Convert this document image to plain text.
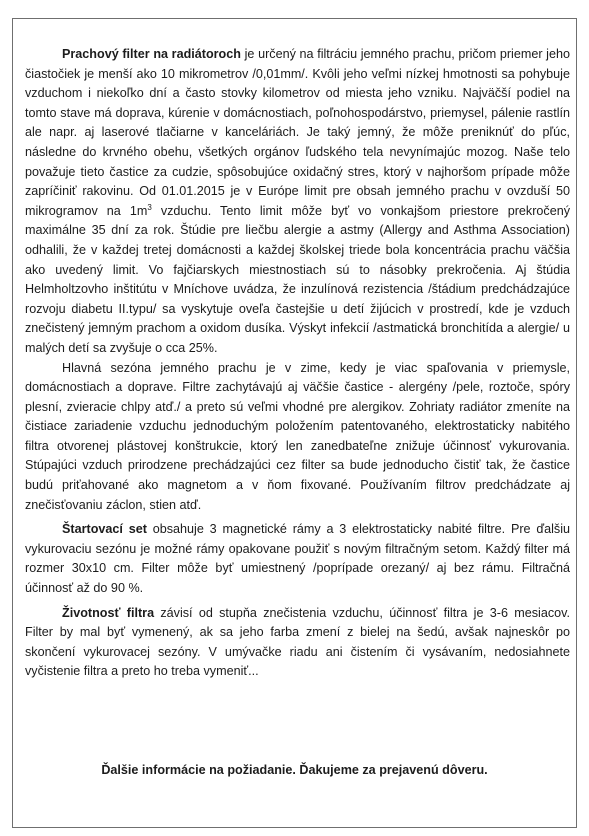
Prachový filter na radiátoroch je určený na filtráciu jemného prachu, pričom priemer jeho čiastočiek je menší ako 10 mikrometrov /0,01mm/. Kvôli jeho veľmi nízkej hmotnosti sa pohybuje vzduchom i niekoľko dní a často stovky kilometrov od miesta jeho vzniku. Najväčší podiel na tomto stave má doprava, kúrenie v domácnostiach, poľnohospodárstvo, priemysel, pálenie rastlín ale napr. aj laserové tlačiarne v kanceláriách. Je taký jemný, že môže preniknúť do pľúc, následne do krvného obehu, všetkých orgánov ľudského tela nevynímajúc mozog. Naše telo považuje tieto častice za cudzie, spôsobujúce oxidačný stres, ktorý v najhoršom prípade môže zapríčiniť rakovinu. Od 01.01.2015 je v Európe limit pre obsah jemného prachu v ovzduší 50 mikrogramov na $1m^3$ vzduchu. Tento limit môže byť vo vonkajšom priestore prekročený maximálne 35 dní za rok. Štúdie pre liečbu alergie a astmy (Allergy and Asthma Association) odhalili, že v každej tretej domácnosti a každej školskej triede bola koncentrácia prachu väčšia ako uvedený limit. Vo fajčiarskych miestnostiach sú to násobky prekročenia. Aj štúdia Helmholtzovho inštitútu v Mníchove uvádza, že inzulínová rezistencia /štádium predchádzajúce rozvoju diabetu II.typu/ sa vyskytuje oveľa častejšie u detí žijúcich v prostredí, kde je vzduch znečistený jemným prachom a oxidom dusíka. Výskyt infekcií /astmatická bronchitída a alergie/ u malých detí sa zvyšuje o cca 25%.

Hlavná sezóna jemného prachu je v zime, kedy je viac spaľovania v priemysle, domácnostiach a doprave. Filtre zachytávajú aj väčšie častice - alergény /pele, roztoče, spóry plesní, zvieracie chlpy atď./ a preto sú veľmi vhodné pre alergikov. Zohriaty radiátor zmeníte na čistiace zariadenie vzduchu jednoduchým položením patentovaného, elektrostaticky nabitého filtra otvorenej plástovej konštrukcie, ktorý len zanedbateľne znižuje účinnosť vykurovania. Stúpajúci vzduch prirodzene prechádzajúci cez filter sa bude jednoducho čistiť tak, že častice budú priťahované ako magnetom a v ňom fixované. Používaním filtrov predchádzate aj znečisťovaniu záclon, stien atď.

Štartovací set obsahuje 3 magnetické rámy a 3 elektrostaticky nabité filtre. Pre ďalšiu vykurovaciu sezónu je možné rámy opakovane použiť s novým filtračným setom. Každý filter má rozmer 30x10 cm. Filter môže byť umiestnený /poprípade orezaný/ aj bez rámu. Filtračná účinnosť až do 90 %.

Životnosť filtra závisí od stupňa znečistenia vzduchu, účinnosť filtra je 3-6 mesiacov. Filter by mal byť vymenený, ak sa jeho farba zmení z bielej na šedú, avšak najneskôr po skončení vykurovacej sezóny. V umývačke riadu ani čistením či vysávaním, nedosiahnete vyčistenie filtra a preto ho treba vymeniť...

Ďalšie informácie na požiadanie. Ďakujeme za prejavenú dôveru.
